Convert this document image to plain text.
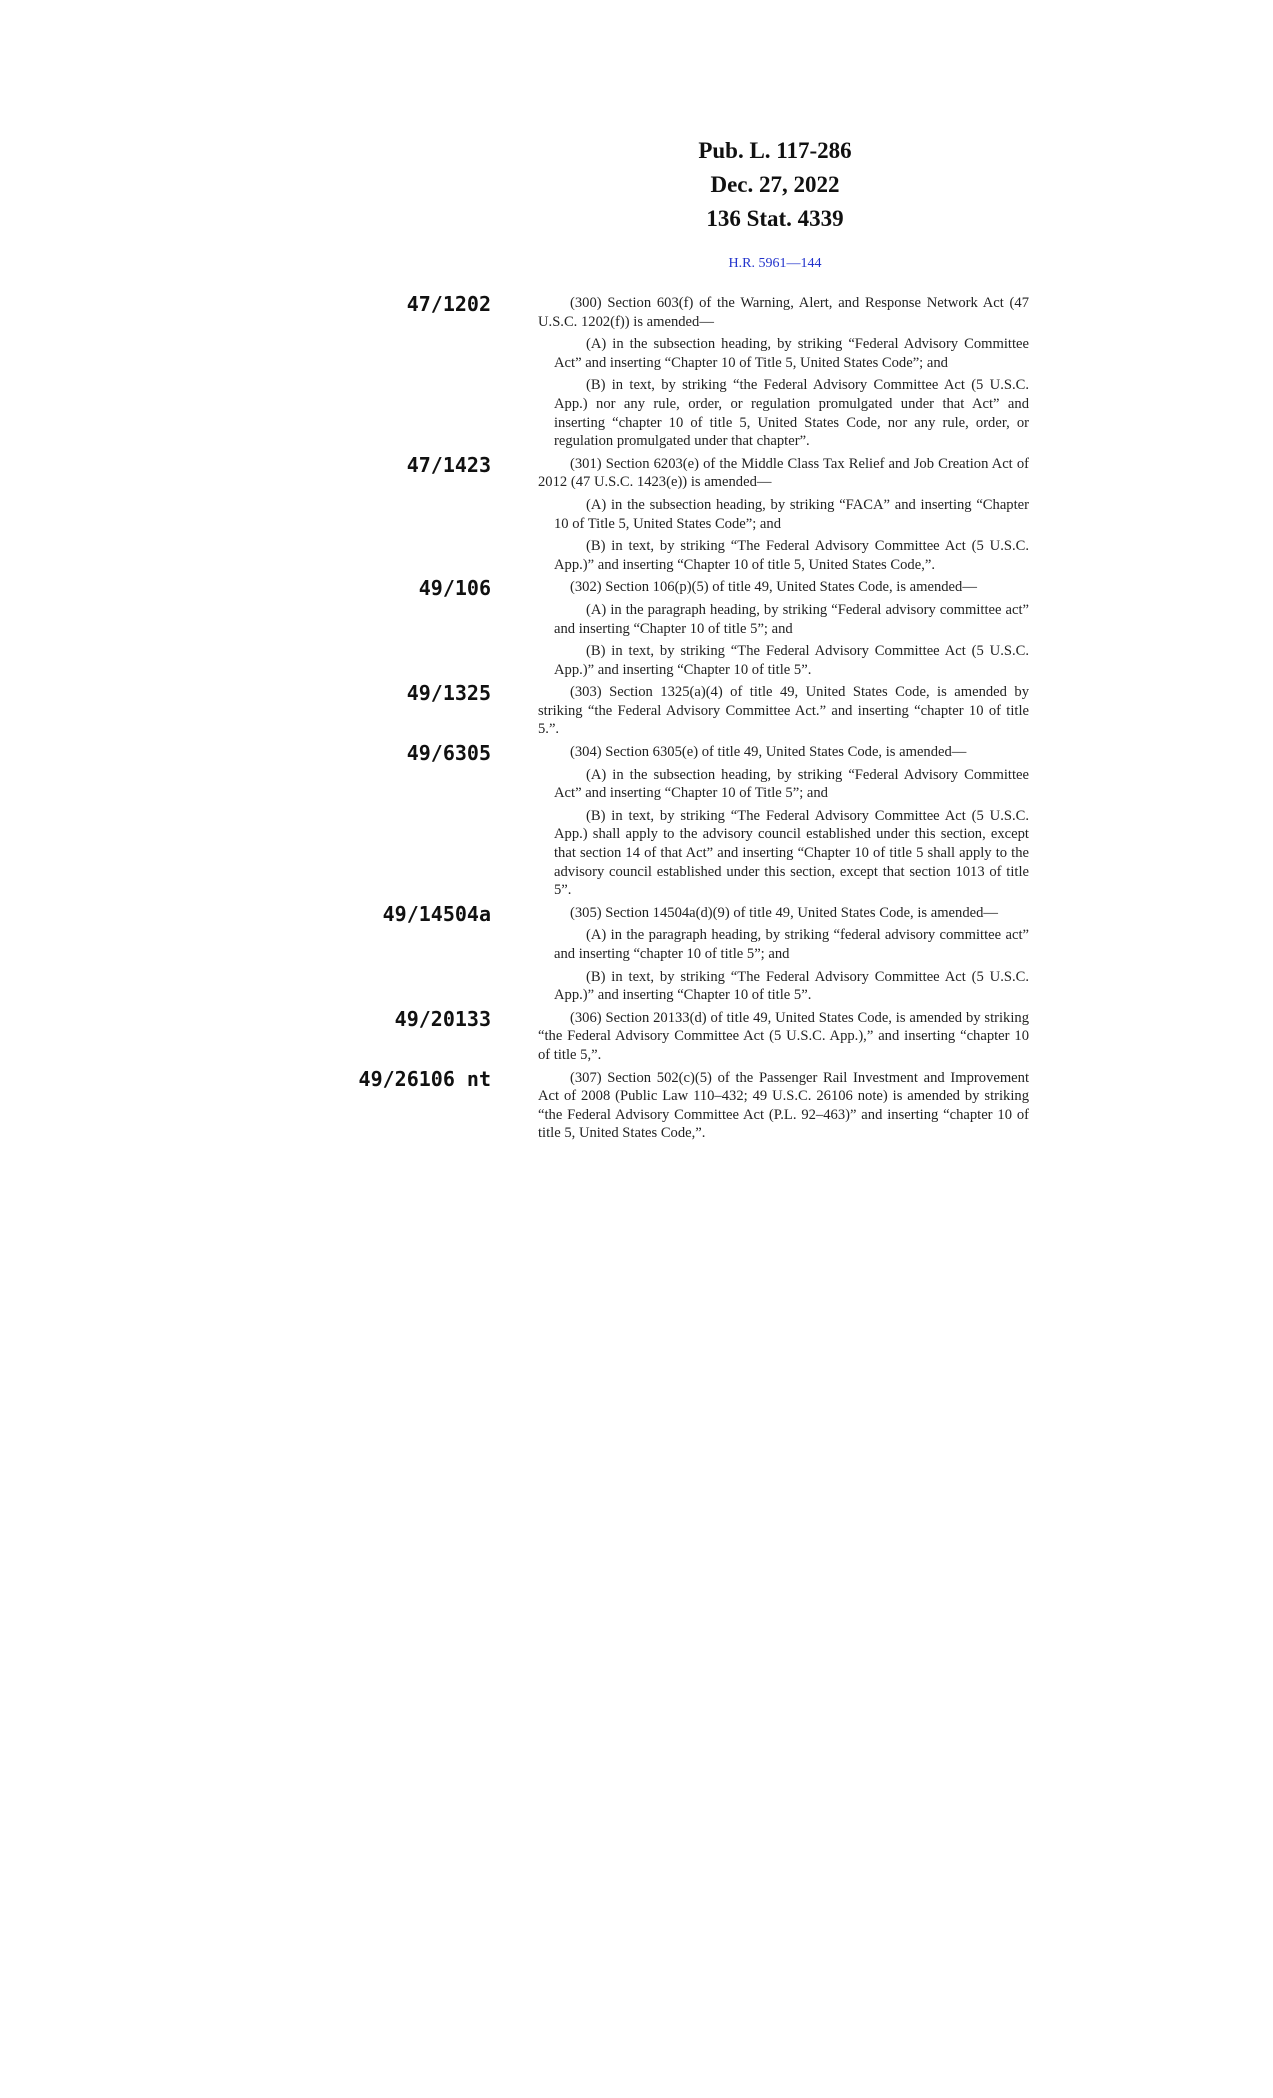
Pub. L. 117-286
Dec. 27, 2022
136 Stat. 4339
H.R. 5961—144
47/1202	(300) Section 603(f) of the Warning, Alert, and Response Network Act (47 U.S.C. 1202(f)) is amended—

(A) in the subsection heading, by striking “Federal Advisory Committee Act” and inserting “Chapter 10 of Title 5, United States Code”; and

(B) in text, by striking “the Federal Advisory Committee Act (5 U.S.C. App.) nor any rule, order, or regulation promulgated under that Act” and inserting “chapter 10 of title 5, United States Code, nor any rule, order, or regulation promulgated under that chapter”.

47/1423	(301) Section 6203(e) of the Middle Class Tax Relief and Job Creation Act of 2012 (47 U.S.C. 1423(e)) is amended—

(A) in the subsection heading, by striking “FACA” and inserting “Chapter 10 of Title 5, United States Code”; and

(B) in text, by striking “The Federal Advisory Committee Act (5 U.S.C. App.)” and inserting “Chapter 10 of title 5, United States Code,”.

49/106	(302) Section 106(p)(5) of title 49, United States Code, is amended—

(A) in the paragraph heading, by striking “Federal advisory committee act” and inserting “Chapter 10 of title 5”; and

(B) in text, by striking “The Federal Advisory Committee Act (5 U.S.C. App.)” and inserting “Chapter 10 of title 5”.

49/1325	(303) Section 1325(a)(4) of title 49, United States Code, is amended by striking “the Federal Advisory Committee Act.” and inserting “chapter 10 of title 5.”.

49/6305	(304) Section 6305(e) of title 49, United States Code, is amended—

(A) in the subsection heading, by striking “Federal Advisory Committee Act” and inserting “Chapter 10 of Title 5”; and

(B) in text, by striking “The Federal Advisory Committee Act (5 U.S.C. App.) shall apply to the advisory council established under this section, except that section 14 of that Act” and inserting “Chapter 10 of title 5 shall apply to the advisory council established under this section, except that section 1013 of title 5”.

49/14504a	(305) Section 14504a(d)(9) of title 49, United States Code, is amended—

(A) in the paragraph heading, by striking “federal advisory committee act” and inserting “chapter 10 of title 5”; and

(B) in text, by striking “The Federal Advisory Committee Act (5 U.S.C. App.)” and inserting “Chapter 10 of title 5”.

49/20133	(306) Section 20133(d) of title 49, United States Code, is amended by striking “the Federal Advisory Committee Act (5 U.S.C. App.),” and inserting “chapter 10 of title 5,”.

49/26106 nt	(307) Section 502(c)(5) of the Passenger Rail Investment and Improvement Act of 2008 (Public Law 110–432; 49 U.S.C. 26106 note) is amended by striking “the Federal Advisory Committee Act (P.L. 92–463)” and inserting “chapter 10 of title 5, United States Code,”.
